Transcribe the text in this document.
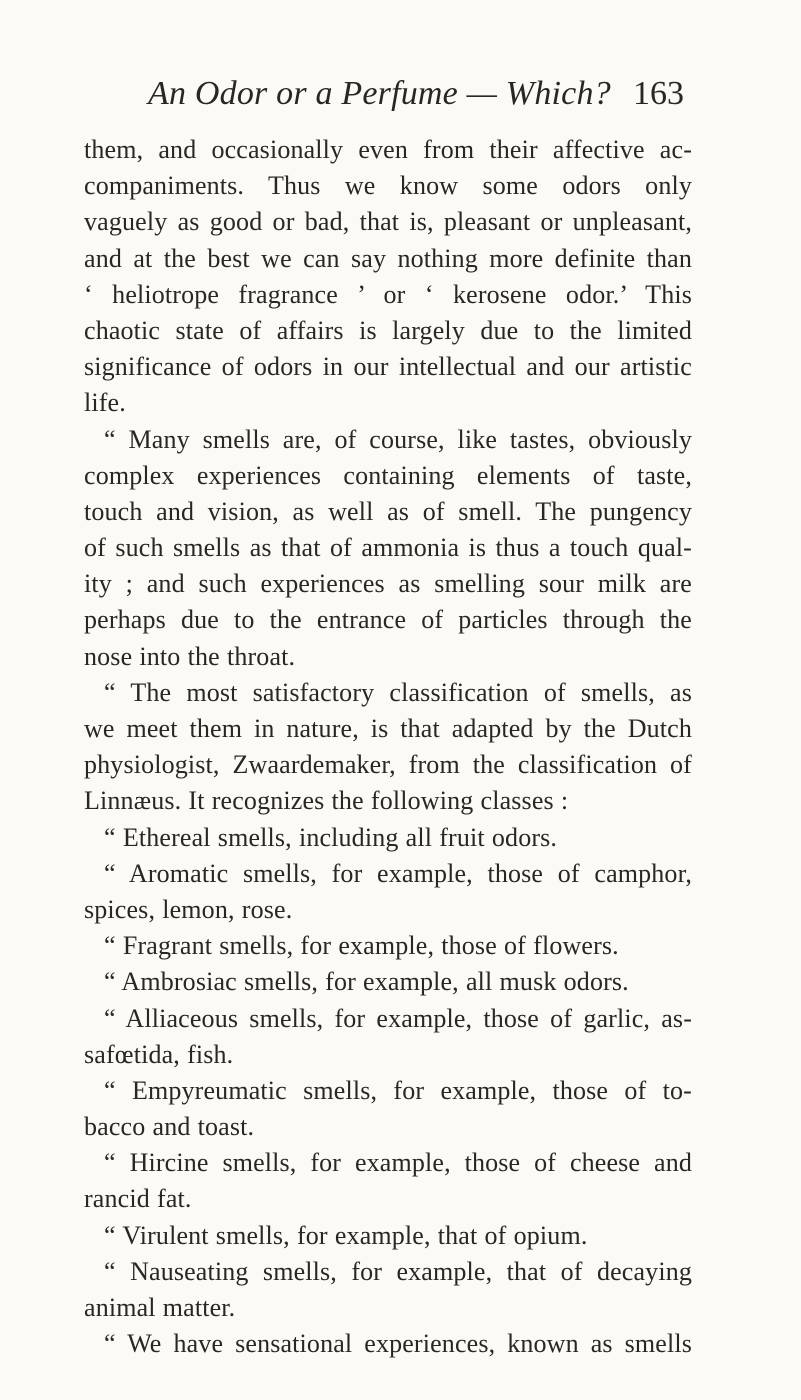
An Odor or a Perfume — Which? 163
them, and occasionally even from their affective ac-
companiments. Thus we know some odors only
vaguely as good or bad, that is, pleasant or unpleasant,
and at the best we can say nothing more definite than
‘ heliotrope fragrance ’ or ‘ kerosene odor.’ This
chaotic state of affairs is largely due to the limited
significance of odors in our intellectual and our artistic
life.
“ Many smells are, of course, like tastes, obviously
complex experiences containing elements of taste,
touch and vision, as well as of smell. The pungency
of such smells as that of ammonia is thus a touch qual-
ity ; and such experiences as smelling sour milk are
perhaps due to the entrance of particles through the
nose into the throat.
“ The most satisfactory classification of smells, as
we meet them in nature, is that adapted by the Dutch
physiologist, Zwaardemaker, from the classification of
Linnæus. It recognizes the following classes :
“ Ethereal smells, including all fruit odors.
“ Aromatic smells, for example, those of camphor,
spices, lemon, rose.
“ Fragrant smells, for example, those of flowers.
“ Ambrosiac smells, for example, all musk odors.
“ Alliaceous smells, for example, those of garlic, as-
safœtida, fish.
“ Empyreumatic smells, for example, those of to-
bacco and toast.
“ Hircine smells, for example, those of cheese and
rancid fat.
“ Virulent smells, for example, that of opium.
“ Nauseating smells, for example, that of decaying
animal matter.
“ We have sensational experiences, known as smells
